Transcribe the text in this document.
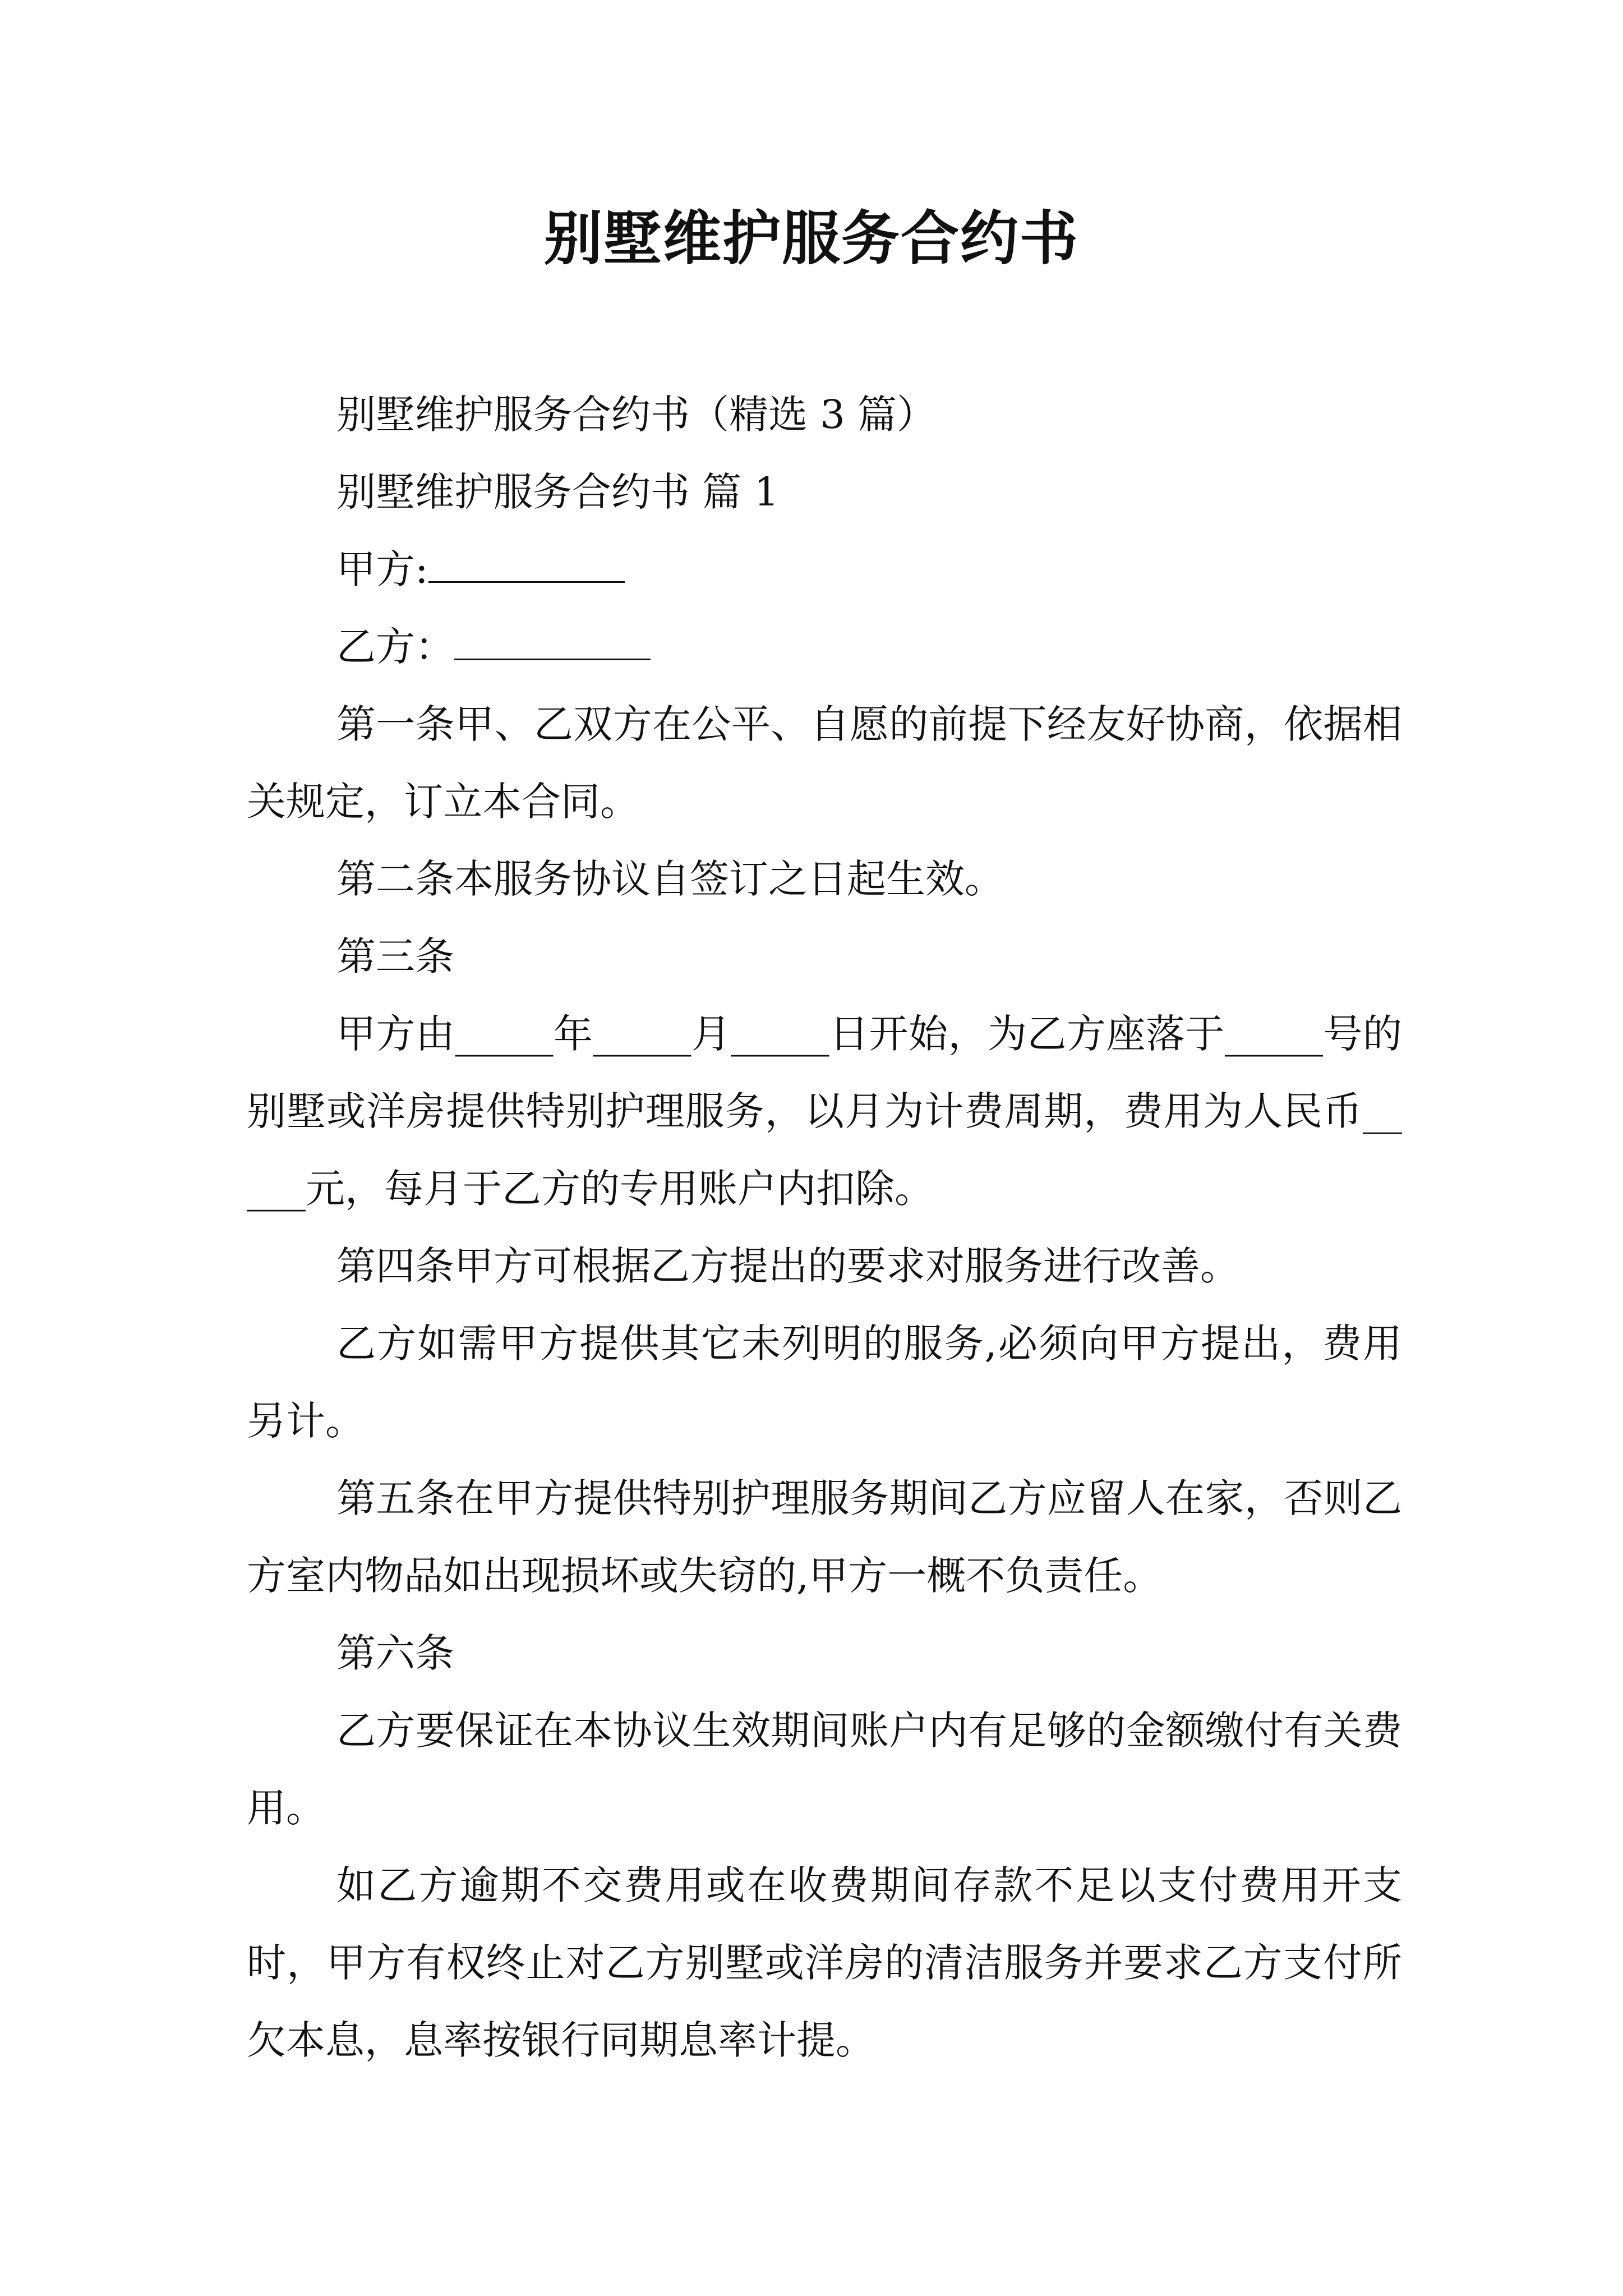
别墅维护服务合约书

别墅维护服务合约书（精选 3 篇）

别墅维护服务合约书 篇 1

甲方:

乙方：

第一条甲、乙双方在公平、自愿的前提下经友好协商，依据相关规定，订立本合同。

第二条本服务协议自签订之日起生效。

第三条

甲方由_____年_____月_____日开始，为乙方座落于_____号的别墅或洋房提供特别护理服务，以月为计费周期，费用为人民币_____元，每月于乙方的专用账户内扣除。

第四条甲方可根据乙方提出的要求对服务进行改善。

乙方如需甲方提供其它未列明的服务,必须向甲方提出，费用另计。

第五条在甲方提供特别护理服务期间乙方应留人在家，否则乙方室内物品如出现损坏或失窃的,甲方一概不负责任。

第六条

乙方要保证在本协议生效期间账户内有足够的金额缴付有关费用。

如乙方逾期不交费用或在收费期间存款不足以支付费用开支时，甲方有权终止对乙方别墅或洋房的清洁服务并要求乙方支付所欠本息，息率按银行同期息率计提。
